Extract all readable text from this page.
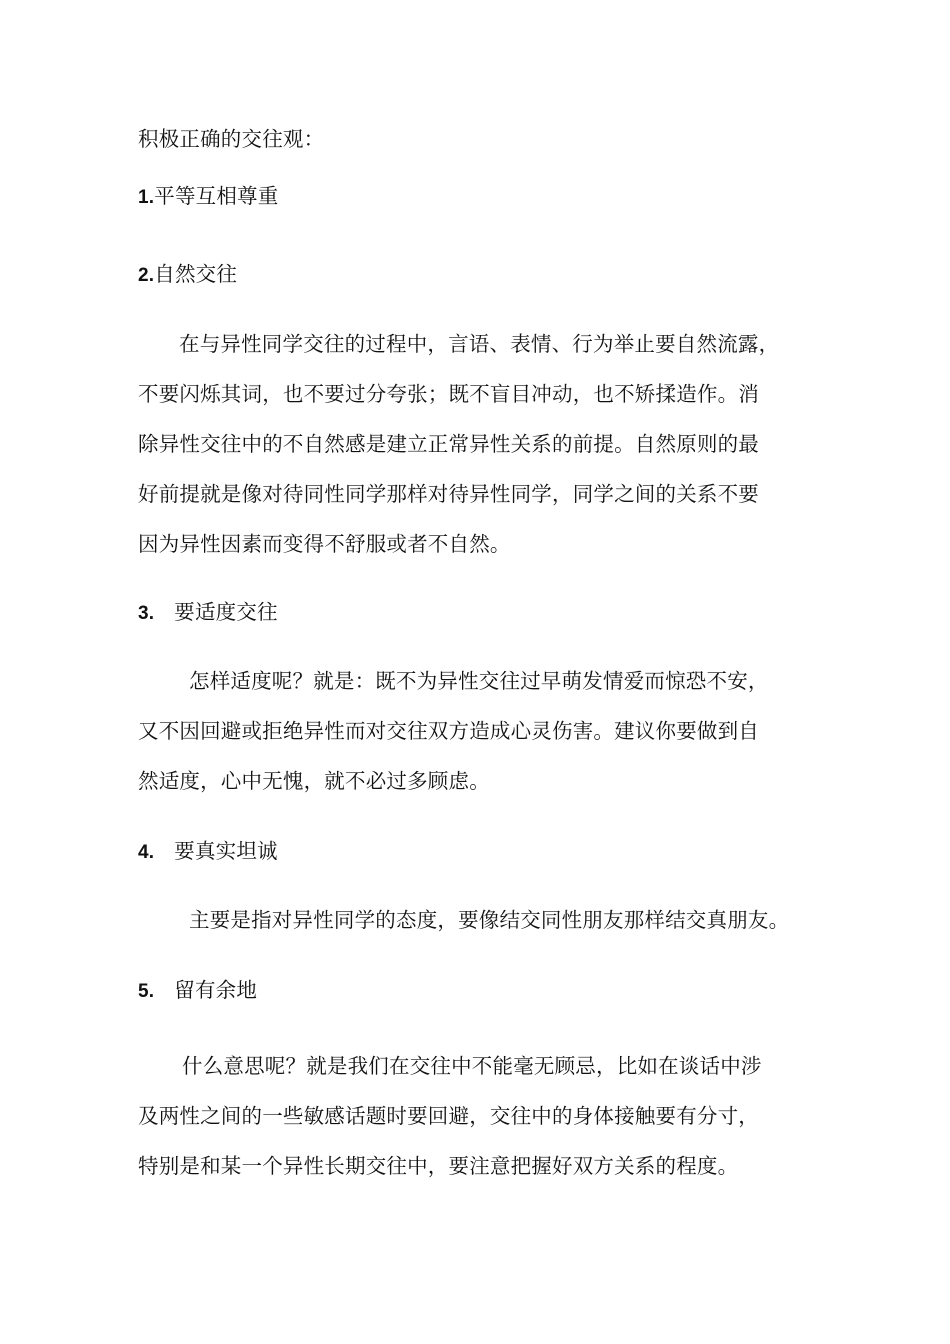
积极正确的交往观：
1.平等互相尊重
2.自然交往
在与异性同学交往的过程中，言语、表情、行为举止要自然流露，
不要闪烁其词，也不要过分夸张；既不盲目冲动，也不矫揉造作。消
除异性交往中的不自然感是建立正常异性关系的前提。自然原则的最
好前提就是像对待同性同学那样对待异性同学，同学之间的关系不要
因为异性因素而变得不舒服或者不自然。
3. 要适度交往
怎样适度呢？就是：既不为异性交往过早萌发情爱而惊恐不安，
又不因回避或拒绝异性而对交往双方造成心灵伤害。建议你要做到自
然适度，心中无愧，就不必过多顾虑。
4. 要真实坦诚
主要是指对异性同学的态度，要像结交同性朋友那样结交真朋友。
5. 留有余地
什么意思呢？就是我们在交往中不能毫无顾忌，比如在谈话中涉
及两性之间的一些敏感话题时要回避，交往中的身体接触要有分寸，
特别是和某一个异性长期交往中，要注意把握好双方关系的程度。
